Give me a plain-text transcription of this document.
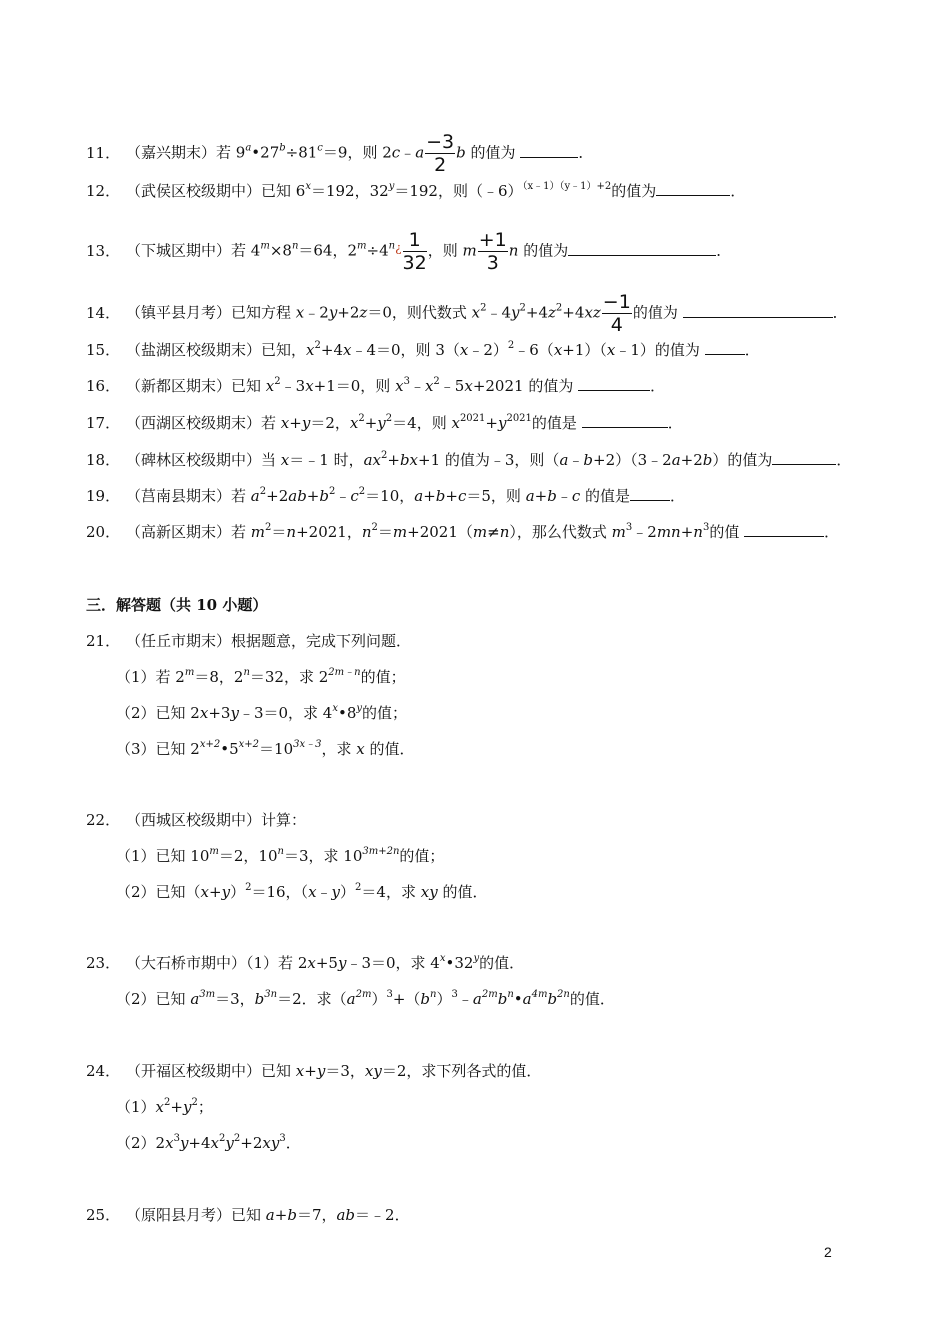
11． （嘉兴期末）若 $9^a•27^b\div 81^c=9$，则 2c﹣a $\frac{-3}{2}$ b 的值为	．
12． （武侯区校级期中）已知 $6^x=192$，$32^y=192$，则（﹣6）$^{(x﹣1)(y﹣1)+2}$的值为	．
13． （下城区期中）若 $4^m\times 8^n=64$，$2^m\div 4^{n¿} \frac{1}{32}$ ，则 m $\frac{+1}{3}$ n 的值为	．
14． （镇平县月考）已知方程 x﹣2y+2z＝0，则代数式 $x^2﹣4y^2+4z^2+4xz \frac{-1}{4}$ 的值为	．
15． （盐湖区校级期末）已知，$x^2+4x﹣4=0$，则 3（x﹣2）$^2$﹣6（x+1）（x﹣1）的值为	．
16． （新都区期末）已知 $x^2﹣3x+1=0$，则 $x^3﹣x^2﹣5x+2021$ 的值为	．
17． （西湖区校级期末）若 x+y＝2，$x^2+y^2=4$，则 $x^{2021}+y^{2021}$的值是	．
18． （碑林区校级期中）当 x＝﹣1 时，$ax^2+bx+1$ 的值为﹣3，则（a﹣b+2）（3﹣2a+2b）的值为	．
19． （莒南县期末）若 $a^2+2ab+b^2﹣c^2=10$，a+b+c＝5，则 a+b﹣c 的值是	．
20． （高新区期末）若 $m^2=n+2021$，$n^2=m+2021(m\ne n)$，那么代数式 $m^3﹣2mn+n^3$的值	．
三．解答题（共 10 小题）
21． （任丘市期末）根据题意，完成下列问题．
（1）若 $2^m=8$，$2^n=32$，求 $2^{2m﹣n}$的值；
（2）已知 2x+3y﹣3＝0，求 4$^x$•8$^y$的值；
（3）已知 $2^{x+2}•5^{x+2}=10^{3x﹣3}$，求 x 的值．
22． （西城区校级期中）计算：
（1）已知 $10^m=2$，$10^n=3$，求 $10^{3m+2n}$的值；
（2）已知$(x+y)^2=16$，（x﹣y）$^2$＝4，求 xy 的值．
23． （大石桥市期中）（1）若 2x+5y﹣3＝0，求 4$^x$•32$^y$的值．
（2）已知 $a^{3m}=3$，$b^{3n}=2$．求$(a^{2m})^3+(b^n)^3﹣a^{2m}b^n•a^{4m}b^{2n}$的值．
24． （开福区校级期中）已知 x+y＝3，xy＝2，求下列各式的值．
$(1)x^2+y^2$；
$(2)2x^3y+4x^2y^2+2xy^3$．
25． （原阳县月考）已知 a+b＝7，ab＝﹣2．
2
